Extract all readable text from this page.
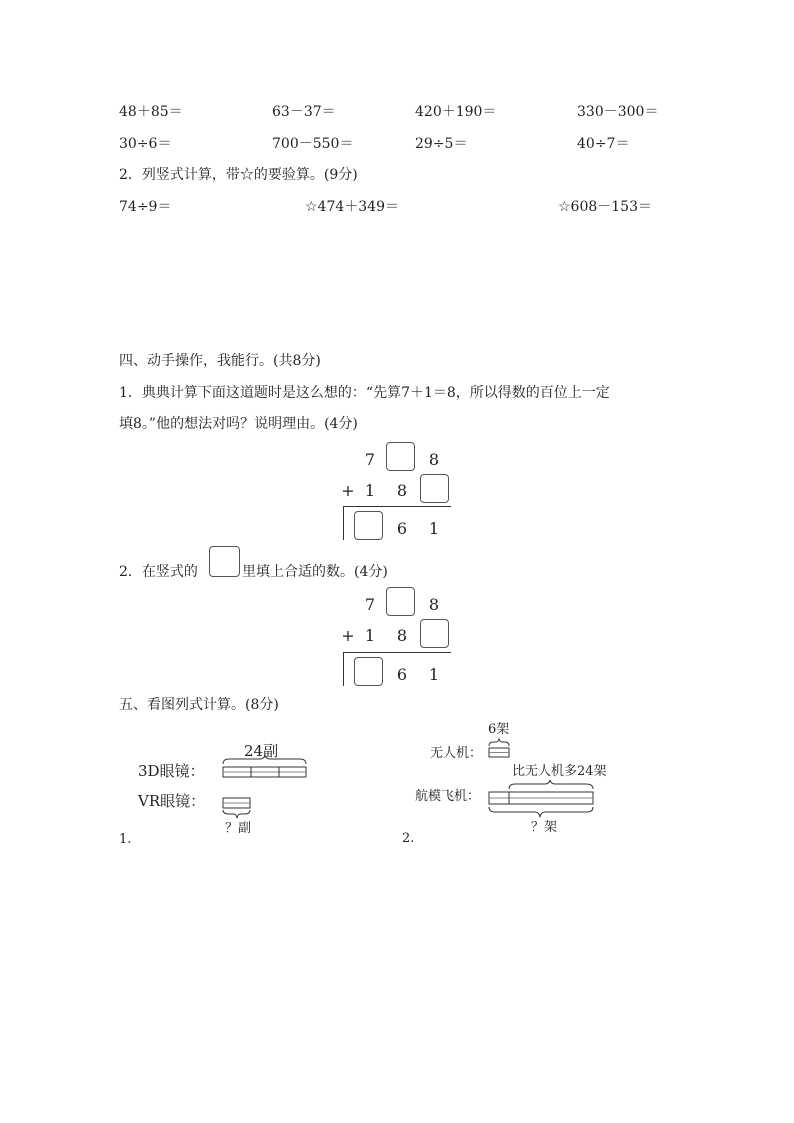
48＋85＝	63－37＝	420＋190＝	330－300＝
30÷6＝	700－550＝	29÷5＝	40÷7＝
2．列竖式计算，带☆的要验算。(9分)
74÷9＝	☆474＋349＝	☆608－153＝
四、动手操作，我能行。(共8分)
1．典典计算下面这道题时是这么想的：“先算7＋1＝8，所以得数的百位上一定
填8。”他的想法对吗？说明理由。(4分)
7	8
+ 1 8
6 1
2．在竖式的	里填上合适的数。(4分)
7	8
+ 1 8
6 1
五、看图列式计算。(8分)
24副
3D眼镜：
VR眼镜：
？副
1.
6架
无人机：
比无人机多24架
航模飞机：
？架
2.
